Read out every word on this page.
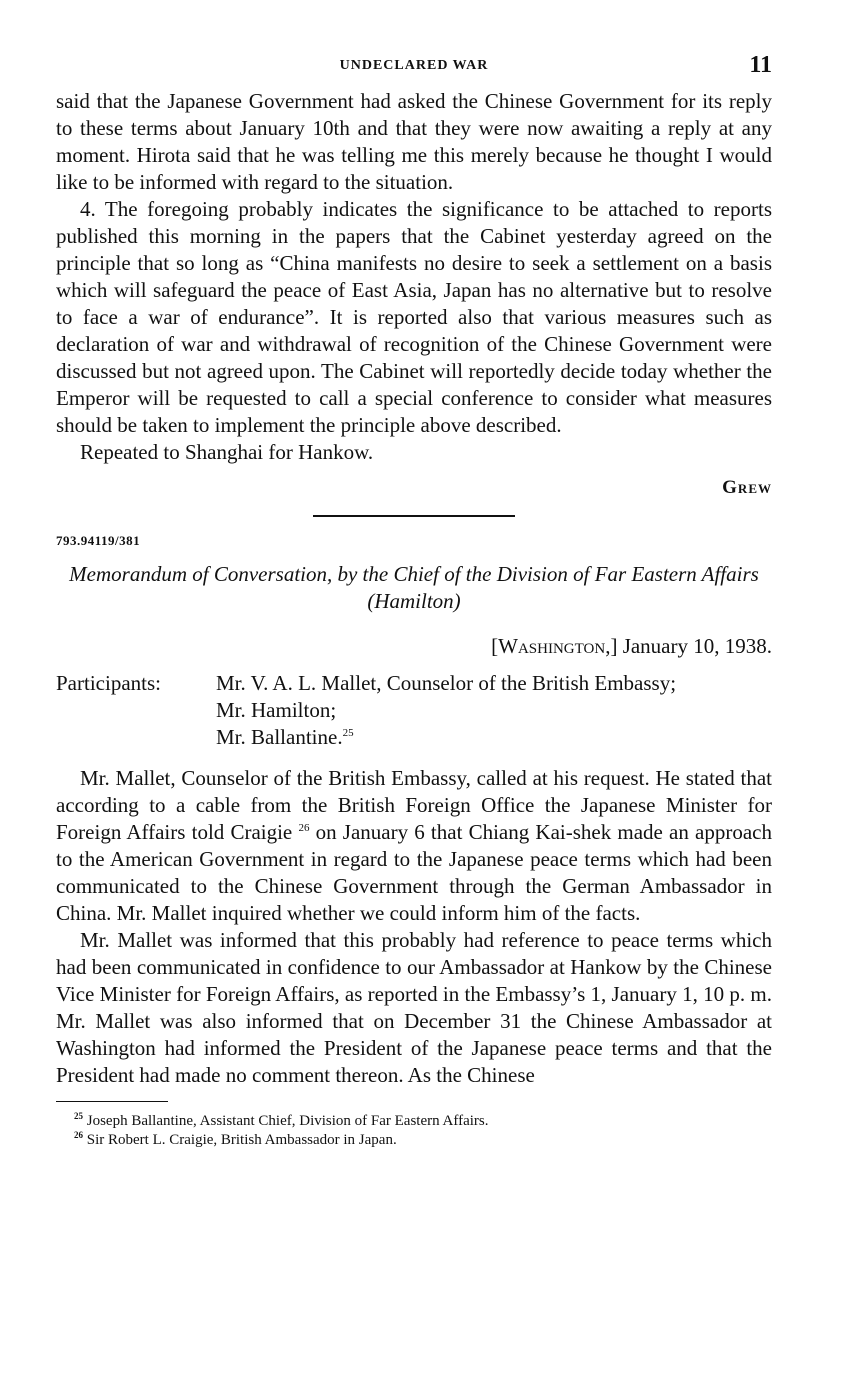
UNDECLARED WAR	11

said that the Japanese Government had asked the Chinese Government for its reply to these terms about January 10th and that they were now awaiting a reply at any moment. Hirota said that he was telling me this merely because he thought I would like to be informed with regard to the situation.

4. The foregoing probably indicates the significance to be attached to reports published this morning in the papers that the Cabinet yesterday agreed on the principle that so long as “China manifests no desire to seek a settlement on a basis which will safeguard the peace of East Asia, Japan has no alternative but to resolve to face a war of endurance”. It is reported also that various measures such as declaration of war and withdrawal of recognition of the Chinese Government were discussed but not agreed upon. The Cabinet will reportedly decide today whether the Emperor will be requested to call a special conference to consider what measures should be taken to implement the principle above described.

Repeated to Shanghai for Hankow.

Grew

793.94119/381

Memorandum of Conversation, by the Chief of the Division of Far Eastern Affairs (Hamilton)

[Washington,] January 10, 1938.

Participants:	Mr. V. A. L. Mallet, Counselor of the British Embassy;
Mr. Hamilton;
Mr. Ballantine.$^{25}$

Mr. Mallet, Counselor of the British Embassy, called at his request. He stated that according to a cable from the British Foreign Office the Japanese Minister for Foreign Affairs told Craigie $^{26}$ on January 6 that Chiang Kai-shek made an approach to the American Government in regard to the Japanese peace terms which had been communicated to the Chinese Government through the German Ambassador in China. Mr. Mallet inquired whether we could inform him of the facts.

Mr. Mallet was informed that this probably had reference to peace terms which had been communicated in confidence to our Ambassador at Hankow by the Chinese Vice Minister for Foreign Affairs, as reported in the Embassy’s 1, January 1, 10 p. m. Mr. Mallet was also informed that on December 31 the Chinese Ambassador at Washington had informed the President of the Japanese peace terms and that the President had made no comment thereon. As the Chinese

$^{25}$ Joseph Ballantine, Assistant Chief, Division of Far Eastern Affairs.

$^{26}$ Sir Robert L. Craigie, British Ambassador in Japan.
